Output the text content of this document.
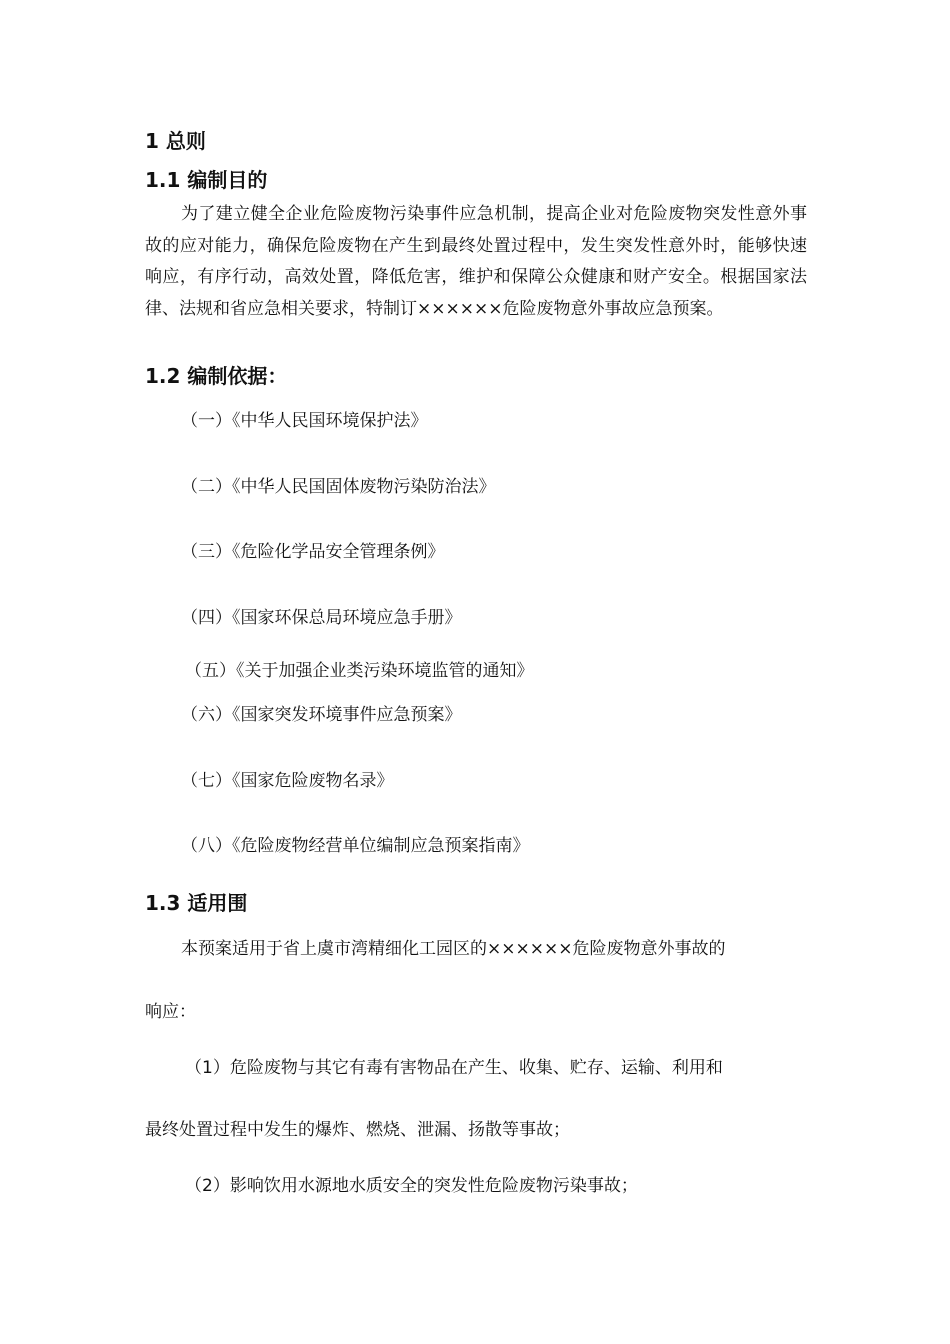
1 总则
1.1 编制目的
为了建立健全企业危险废物污染事件应急机制，提高企业对危险废物突发性意外事故的应对能力，确保危险废物在产生到最终处置过程中，发生突发性意外时，能够快速响应，有序行动，高效处置，降低危害，维护和保障公众健康和财产安全。根据国家法律、法规和省应急相关要求，特制订××××××危险废物意外事故应急预案。
1.2 编制依据：
（一）《中华人民国环境保护法》
（二）《中华人民国固体废物污染防治法》
（三）《危险化学品安全管理条例》
（四）《国家环保总局环境应急手册》
（五）《关于加强企业类污染环境监管的通知》
（六）《国家突发环境事件应急预案》
（七）《国家危险废物名录》
（八）《危险废物经营单位编制应急预案指南》
1.3 适用围
本预案适用于省上虞市湾精细化工园区的××××××危险废物意外事故的
响应：
（1）危险废物与其它有毒有害物品在产生、收集、贮存、运输、利用和
最终处置过程中发生的爆炸、燃烧、泄漏、扬散等事故；
（2）影响饮用水源地水质安全的突发性危险废物污染事故；
